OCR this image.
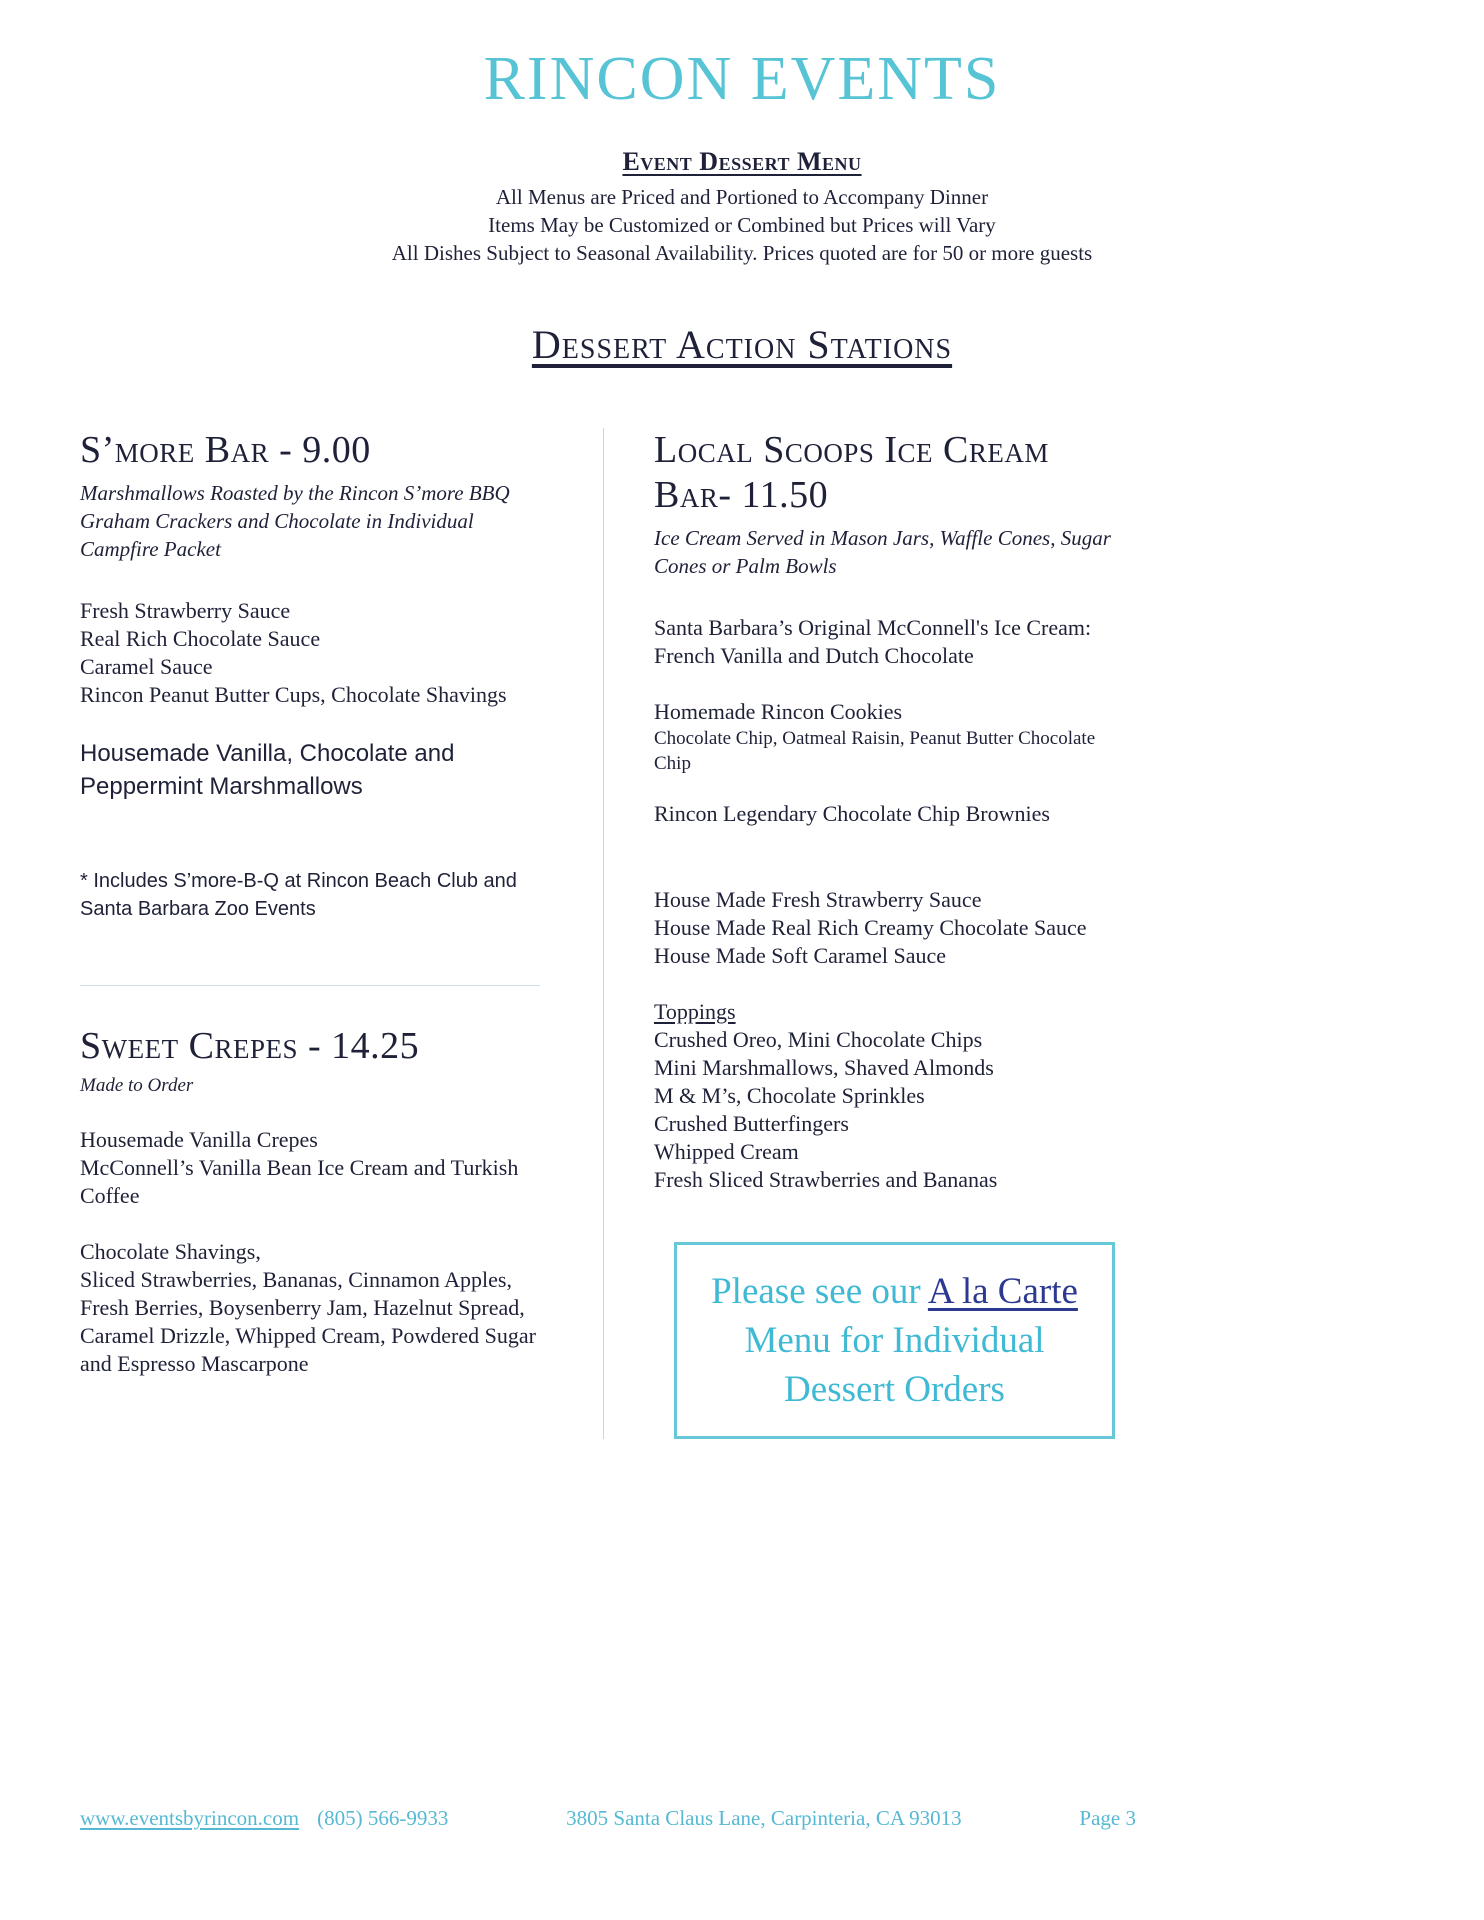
RINCON EVENTS
Event Dessert Menu

All Menus are Priced and Portioned to Accompany Dinner

Items May be Customized or Combined but Prices will Vary

All Dishes Subject to Seasonal Availability. Prices quoted are for 50 or more guests

Dessert Action Stations
S’more Bar - 9.00

Marshmallows Roasted by the Rincon S’more BBQ Graham Crackers and Chocolate in Individual Campfire Packet

Fresh Strawberry Sauce

Real Rich Chocolate Sauce

Caramel Sauce

Rincon Peanut Butter Cups, Chocolate Shavings

Housemade Vanilla, Chocolate and Peppermint Marshmallows

* Includes S’more-B-Q at Rincon Beach Club and Santa Barbara Zoo Events

Sweet Crepes - 14.25

Made to Order

Housemade Vanilla Crepes

McConnell’s Vanilla Bean Ice Cream and Turkish Coffee

Chocolate Shavings,

Sliced Strawberries, Bananas, Cinnamon Apples, Fresh Berries, Boysenberry Jam, Hazelnut Spread, Caramel Drizzle, Whipped Cream, Powdered Sugar and Espresso Mascarpone

Local Scoops Ice Cream Bar- 11.50

Ice Cream Served in Mason Jars, Waffle Cones, Sugar Cones or Palm Bowls

Santa Barbara’s Original McConnell's Ice Cream: French Vanilla and Dutch Chocolate

Homemade Rincon Cookies

Chocolate Chip, Oatmeal Raisin, Peanut Butter Chocolate Chip

Rincon Legendary Chocolate Chip Brownies

House Made Fresh Strawberry Sauce

House Made Real Rich Creamy Chocolate Sauce

House Made Soft Caramel Sauce

Toppings

Crushed Oreo, Mini Chocolate Chips

Mini Marshmallows, Shaved Almonds

M & M’s, Chocolate Sprinkles

Crushed Butterfingers

Whipped Cream

Fresh Sliced Strawberries and Bananas

Please see our A la Carte Menu for Individual Dessert Orders
www.eventsbyrincon.com (805) 566-9933	3805 Santa Claus Lane, Carpinteria, CA 93013	Page 3
